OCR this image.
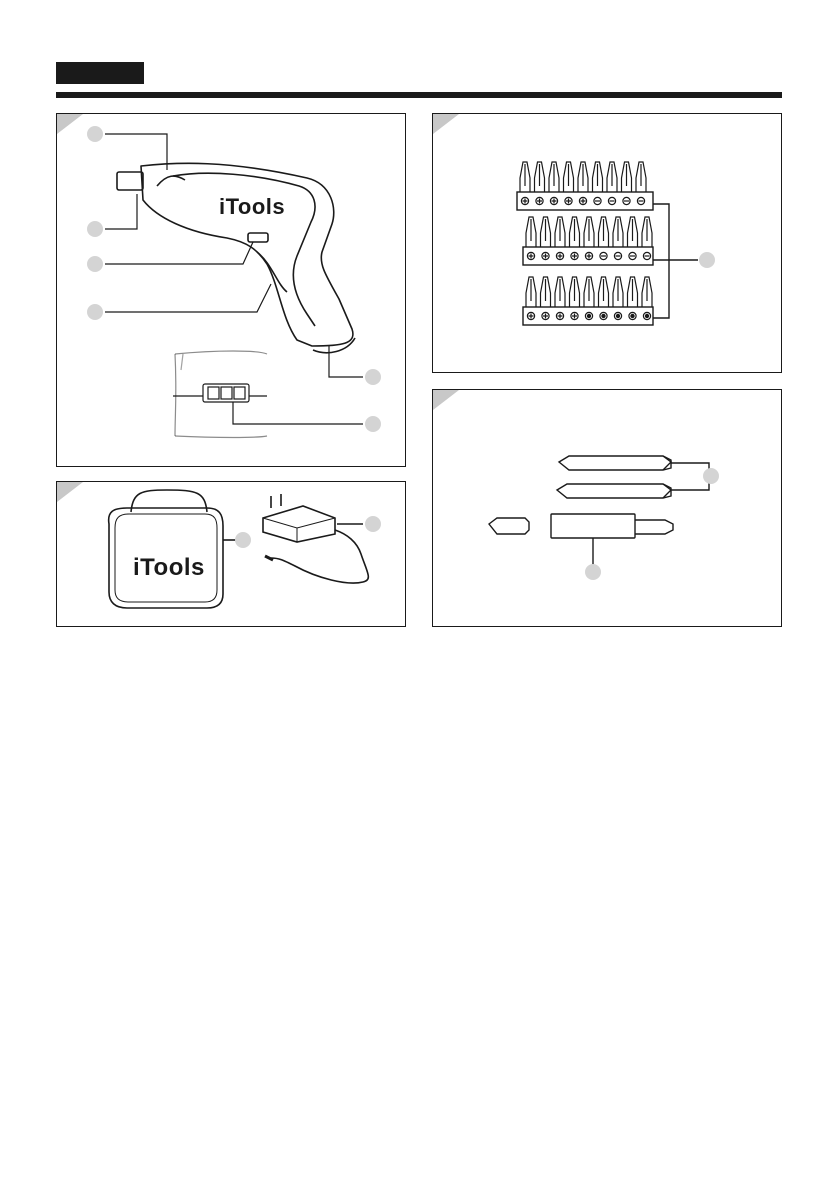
iTools
iTools
